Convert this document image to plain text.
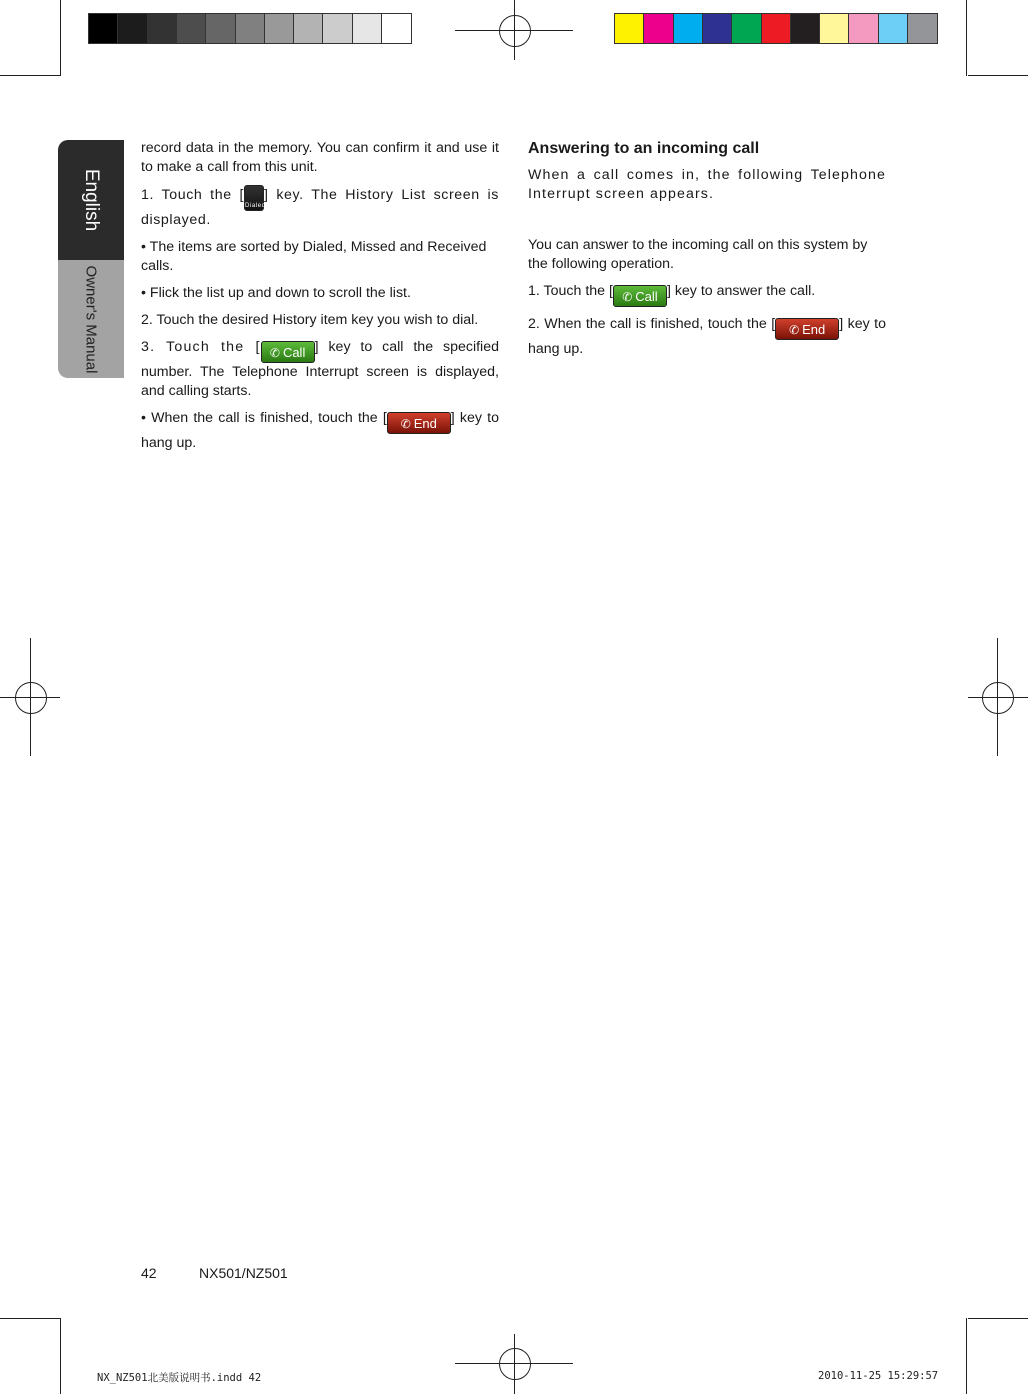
English
Owner's Manual

record data in the memory. You can confirm it and use it to make a call from this unit.

1. Touch the [Dialed] key. The History List screen is displayed.

• The items are sorted by Dialed, Missed and Received calls.

• Flick the list up and down to scroll the list.

2. Touch the desired History item key you wish to dial.

3. Touch the [ ✆ Call ] key to call the specified number. The Telephone Interrupt screen is displayed, and calling starts.

• When the call is finished, touch the [ ✆ End ] key to hang up.

Answering to an incoming call

When a call comes in, the following Telephone Interrupt screen appears.

You can answer to the incoming call on this system by the following operation.

1. Touch the [ ✆ Call ] key to answer the call.

2. When the call is finished, touch the [ ✆ End ] key to hang up.

42	NX501/NZ501
NX_NZ501北美版说明书.indd 42	2010-11-25 15:29:57
